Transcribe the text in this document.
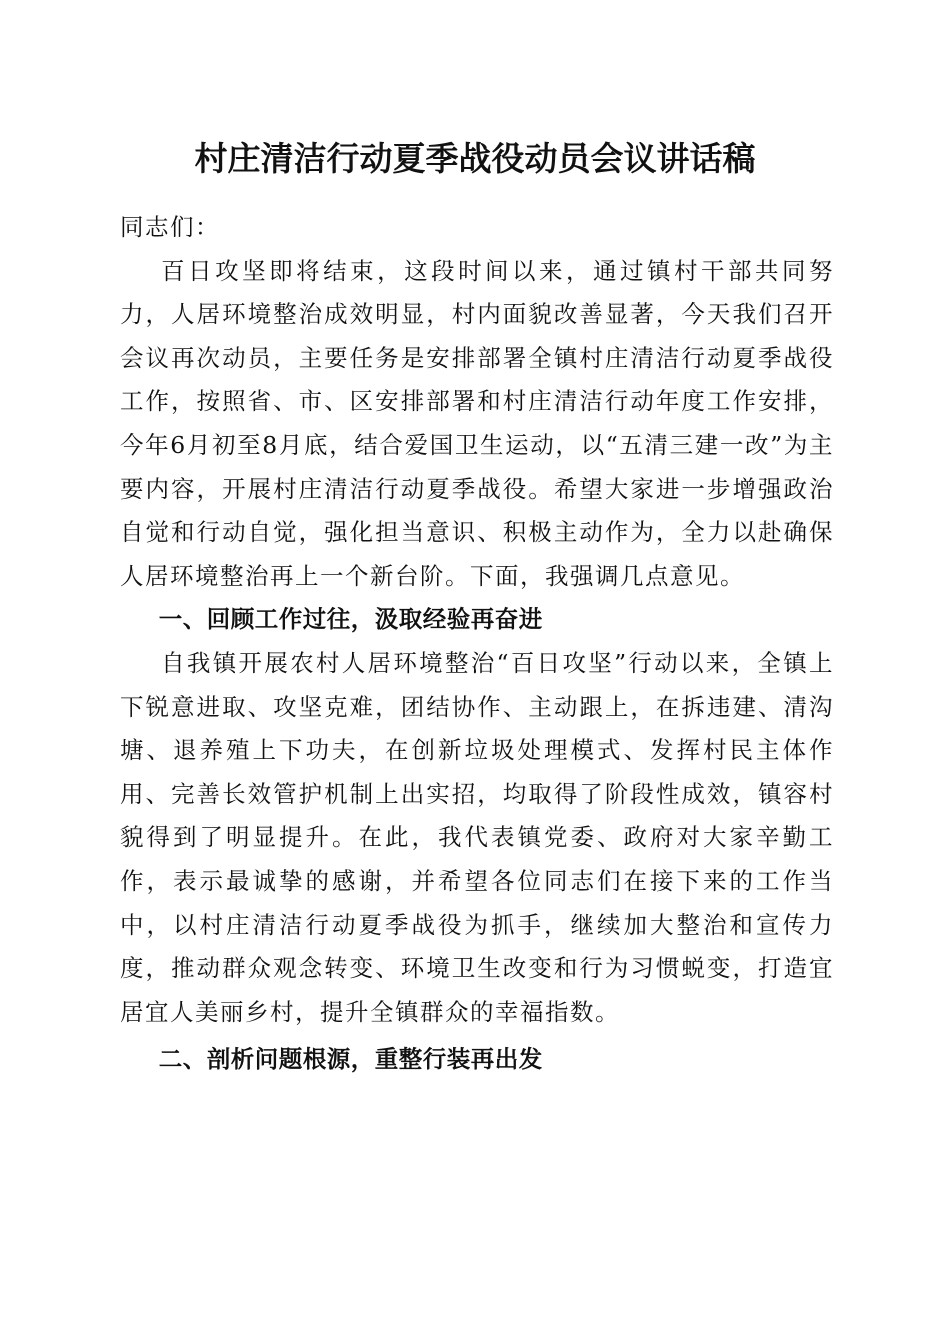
村庄清洁行动夏季战役动员会议讲话稿

同志们：

百日攻坚即将结束，这段时间以来，通过镇村干部共同努力，人居环境整治成效明显，村内面貌改善显著，今天我们召开会议再次动员，主要任务是安排部署全镇村庄清洁行动夏季战役工作，按照省、市、区安排部署和村庄清洁行动年度工作安排，今年6月初至8月底，结合爱国卫生运动，以“五清三建一改”为主要内容，开展村庄清洁行动夏季战役。希望大家进一步增强政治自觉和行动自觉，强化担当意识、积极主动作为，全力以赴确保人居环境整治再上一个新台阶。下面，我强调几点意见。

一、回顾工作过往，汲取经验再奋进

自我镇开展农村人居环境整治“百日攻坚”行动以来，全镇上下锐意进取、攻坚克难，团结协作、主动跟上，在拆违建、清沟塘、退养殖上下功夫，在创新垃圾处理模式、发挥村民主体作用、完善长效管护机制上出实招，均取得了阶段性成效，镇容村貌得到了明显提升。在此，我代表镇党委、政府对大家辛勤工作，表示最诚挚的感谢，并希望各位同志们在接下来的工作当中，以村庄清洁行动夏季战役为抓手，继续加大整治和宣传力度，推动群众观念转变、环境卫生改变和行为习惯蜕变，打造宜居宜人美丽乡村，提升全镇群众的幸福指数。

二、剖析问题根源，重整行装再出发
